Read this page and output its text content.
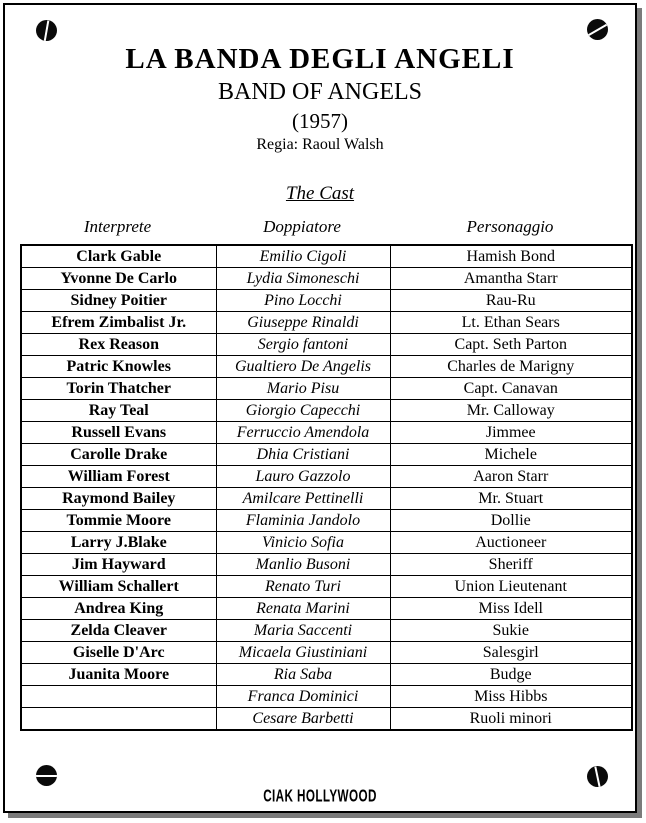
LA BANDA DEGLI ANGELI
BAND OF ANGELS
(1957)
Regia: Raoul Walsh
The Cast
Interprete	Doppiatore	Personaggio
Clark Gable	Emilio Cigoli	Hamish Bond
Yvonne De Carlo	Lydia Simoneschi	Amantha Starr
Sidney Poitier	Pino Locchi	Rau-Ru
Efrem Zimbalist Jr.	Giuseppe Rinaldi	Lt. Ethan Sears
Rex Reason	Sergio fantoni	Capt. Seth Parton
Patric Knowles	Gualtiero De Angelis	Charles de Marigny
Torin Thatcher	Mario Pisu	Capt. Canavan
Ray Teal	Giorgio Capecchi	Mr. Calloway
Russell Evans	Ferruccio Amendola	Jimmee
Carolle Drake	Dhia Cristiani	Michele
William Forest	Lauro Gazzolo	Aaron Starr
Raymond Bailey	Amilcare Pettinelli	Mr. Stuart
Tommie Moore	Flaminia Jandolo	Dollie
Larry J.Blake	Vinicio Sofia	Auctioneer
Jim Hayward	Manlio Busoni	Sheriff
William Schallert	Renato Turi	Union Lieutenant
Andrea King	Renata Marini	Miss Idell
Zelda Cleaver	Maria Saccenti	Sukie
Giselle D'Arc	Micaela Giustiniani	Salesgirl
Juanita Moore	Ria Saba	Budge
	Franca Dominici	Miss Hibbs
	Cesare Barbetti	Ruoli minori
CIAK HOLLYWOOD
